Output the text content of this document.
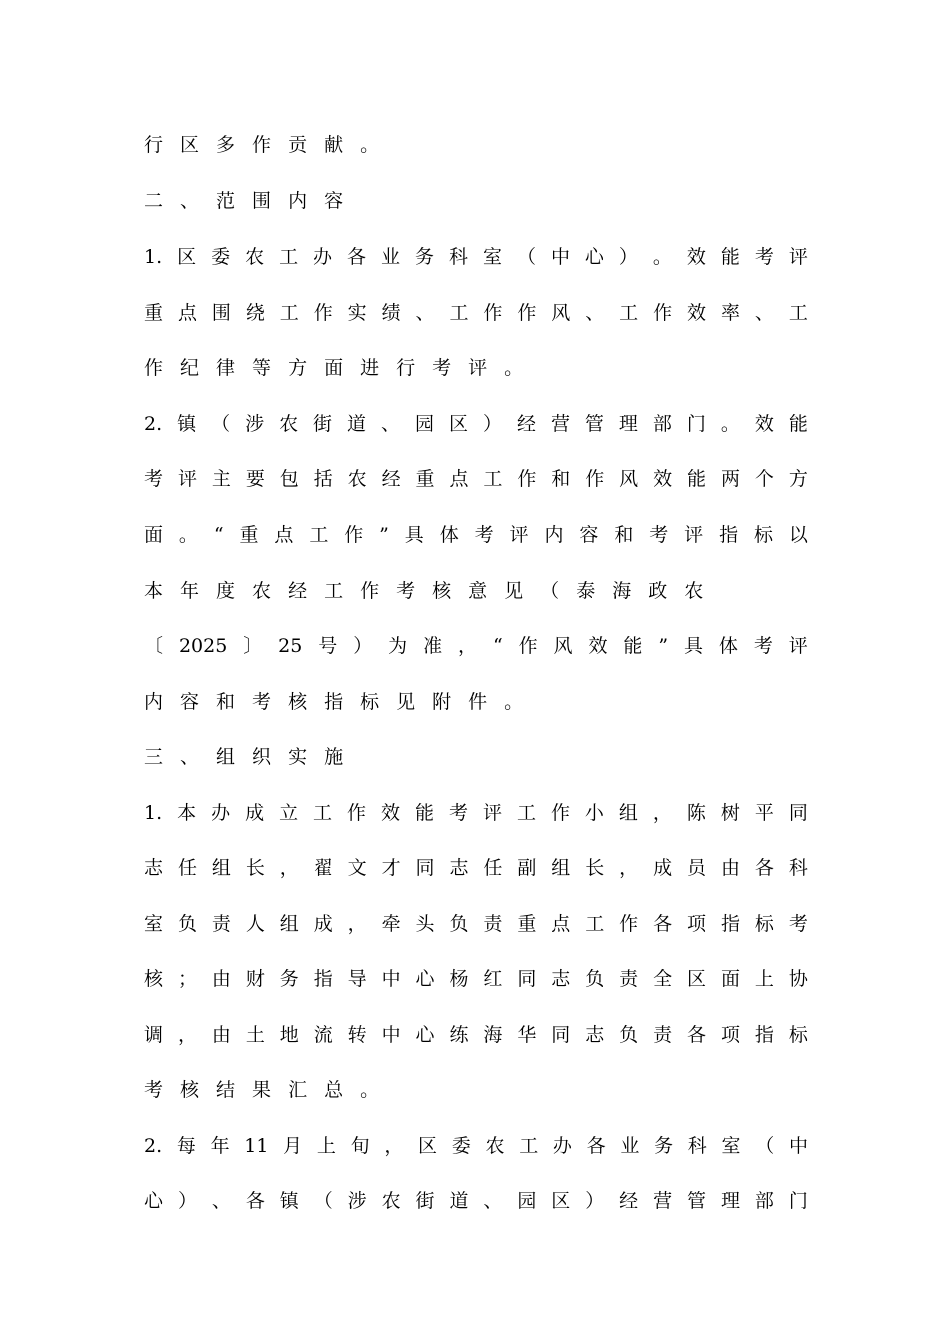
行 区 多 作 贡 献 。
二 、 范 围 内 容
1. 区 委 农 工 办 各 业 务 科 室 （ 中 心 ） 。 效 能 考 评
重 点 围 绕 工 作 实 绩 、 工 作 作 风 、 工 作 效 率 、 工
作 纪 律 等 方 面 进 行 考 评 。
2. 镇 （ 涉 农 街 道 、 园 区 ） 经 营 管 理 部 门 。 效 能
考 评 主 要 包 括 农 经 重 点 工 作 和 作 风 效 能 两 个 方
面 。 “ 重 点 工 作 ” 具 体 考 评 内 容 和 考 评 指 标 以
本 年 度 农 经 工 作 考 核 意 见 （ 泰 海 政 农
〔 2025 〕 25 号 ） 为 准 ， “ 作 风 效 能 ” 具 体 考 评
内 容 和 考 核 指 标 见 附 件 。
三 、 组 织 实 施
1. 本 办 成 立 工 作 效 能 考 评 工 作 小 组 ， 陈 树 平 同
志 任 组 长 ， 翟 文 才 同 志 任 副 组 长 ， 成 员 由 各 科
室 负 责 人 组 成 ， 牵 头 负 责 重 点 工 作 各 项 指 标 考
核 ； 由 财 务 指 导 中 心 杨 红 同 志 负 责 全 区 面 上 协
调 ， 由 土 地 流 转 中 心 练 海 华 同 志 负 责 各 项 指 标
考 核 结 果 汇 总 。
2. 每 年 11 月 上 旬 ， 区 委 农 工 办 各 业 务 科 室 （ 中
心 ） 、 各 镇 （ 涉 农 街 道 、 园 区 ） 经 营 管 理 部 门
